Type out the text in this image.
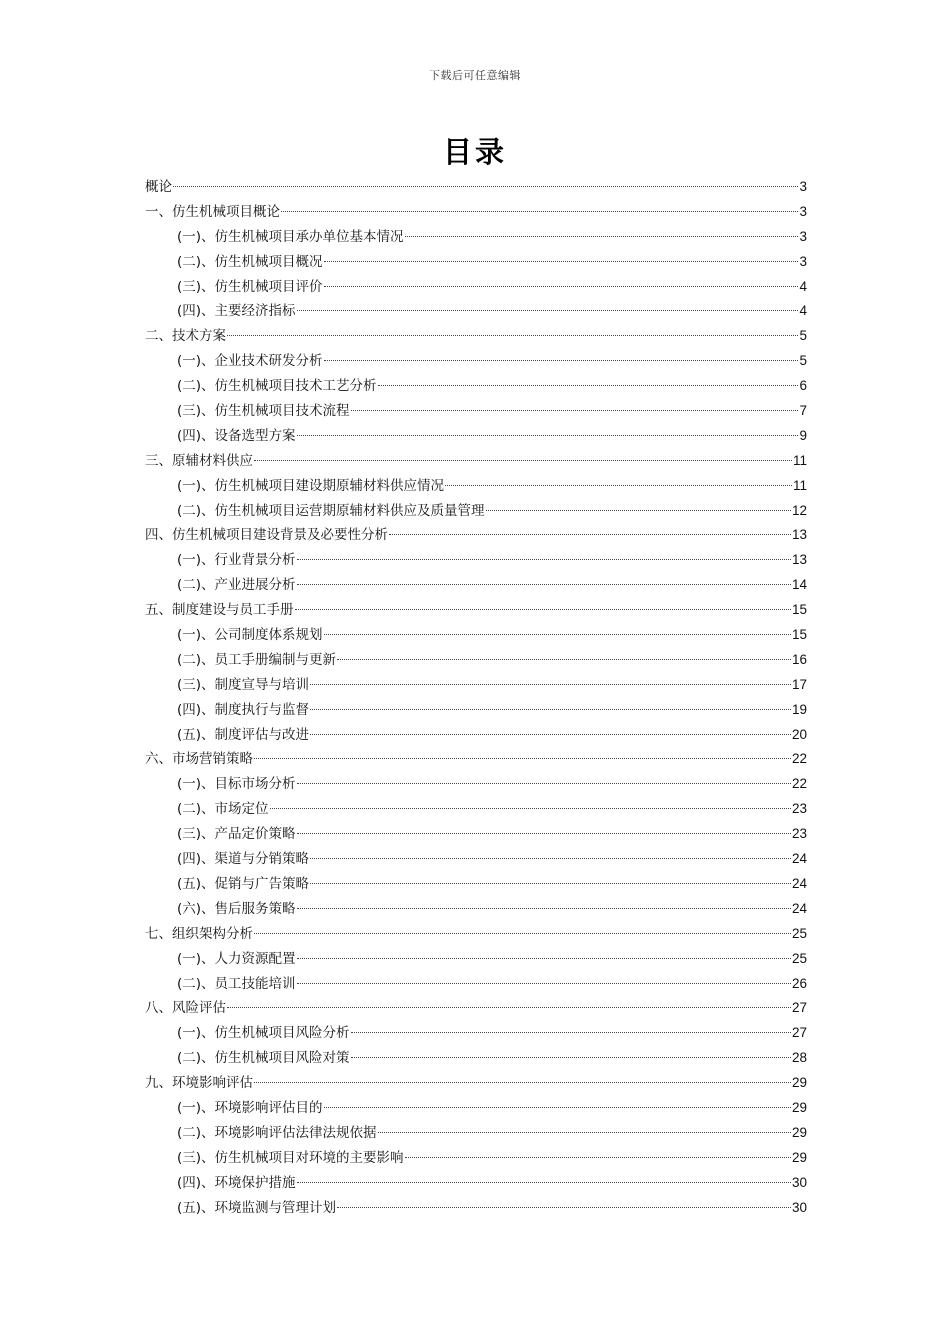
下载后可任意编辑
目录
概论	3
一、仿生机械项目概论	3
(一)、仿生机械项目承办单位基本情况	3
(二)、仿生机械项目概况	3
(三)、仿生机械项目评价	4
(四)、主要经济指标	4
二、技术方案	5
(一)、企业技术研发分析	5
(二)、仿生机械项目技术工艺分析	6
(三)、仿生机械项目技术流程	7
(四)、设备选型方案	9
三、原辅材料供应	11
(一)、仿生机械项目建设期原辅材料供应情况	11
(二)、仿生机械项目运营期原辅材料供应及质量管理	12
四、仿生机械项目建设背景及必要性分析	13
(一)、行业背景分析	13
(二)、产业进展分析	14
五、制度建设与员工手册	15
(一)、公司制度体系规划	15
(二)、员工手册编制与更新	16
(三)、制度宣导与培训	17
(四)、制度执行与监督	19
(五)、制度评估与改进	20
六、市场营销策略	22
(一)、目标市场分析	22
(二)、市场定位	23
(三)、产品定价策略	23
(四)、渠道与分销策略	24
(五)、促销与广告策略	24
(六)、售后服务策略	24
七、组织架构分析	25
(一)、人力资源配置	25
(二)、员工技能培训	26
八、风险评估	27
(一)、仿生机械项目风险分析	27
(二)、仿生机械项目风险对策	28
九、环境影响评估	29
(一)、环境影响评估目的	29
(二)、环境影响评估法律法规依据	29
(三)、仿生机械项目对环境的主要影响	29
(四)、环境保护措施	30
(五)、环境监测与管理计划	30
